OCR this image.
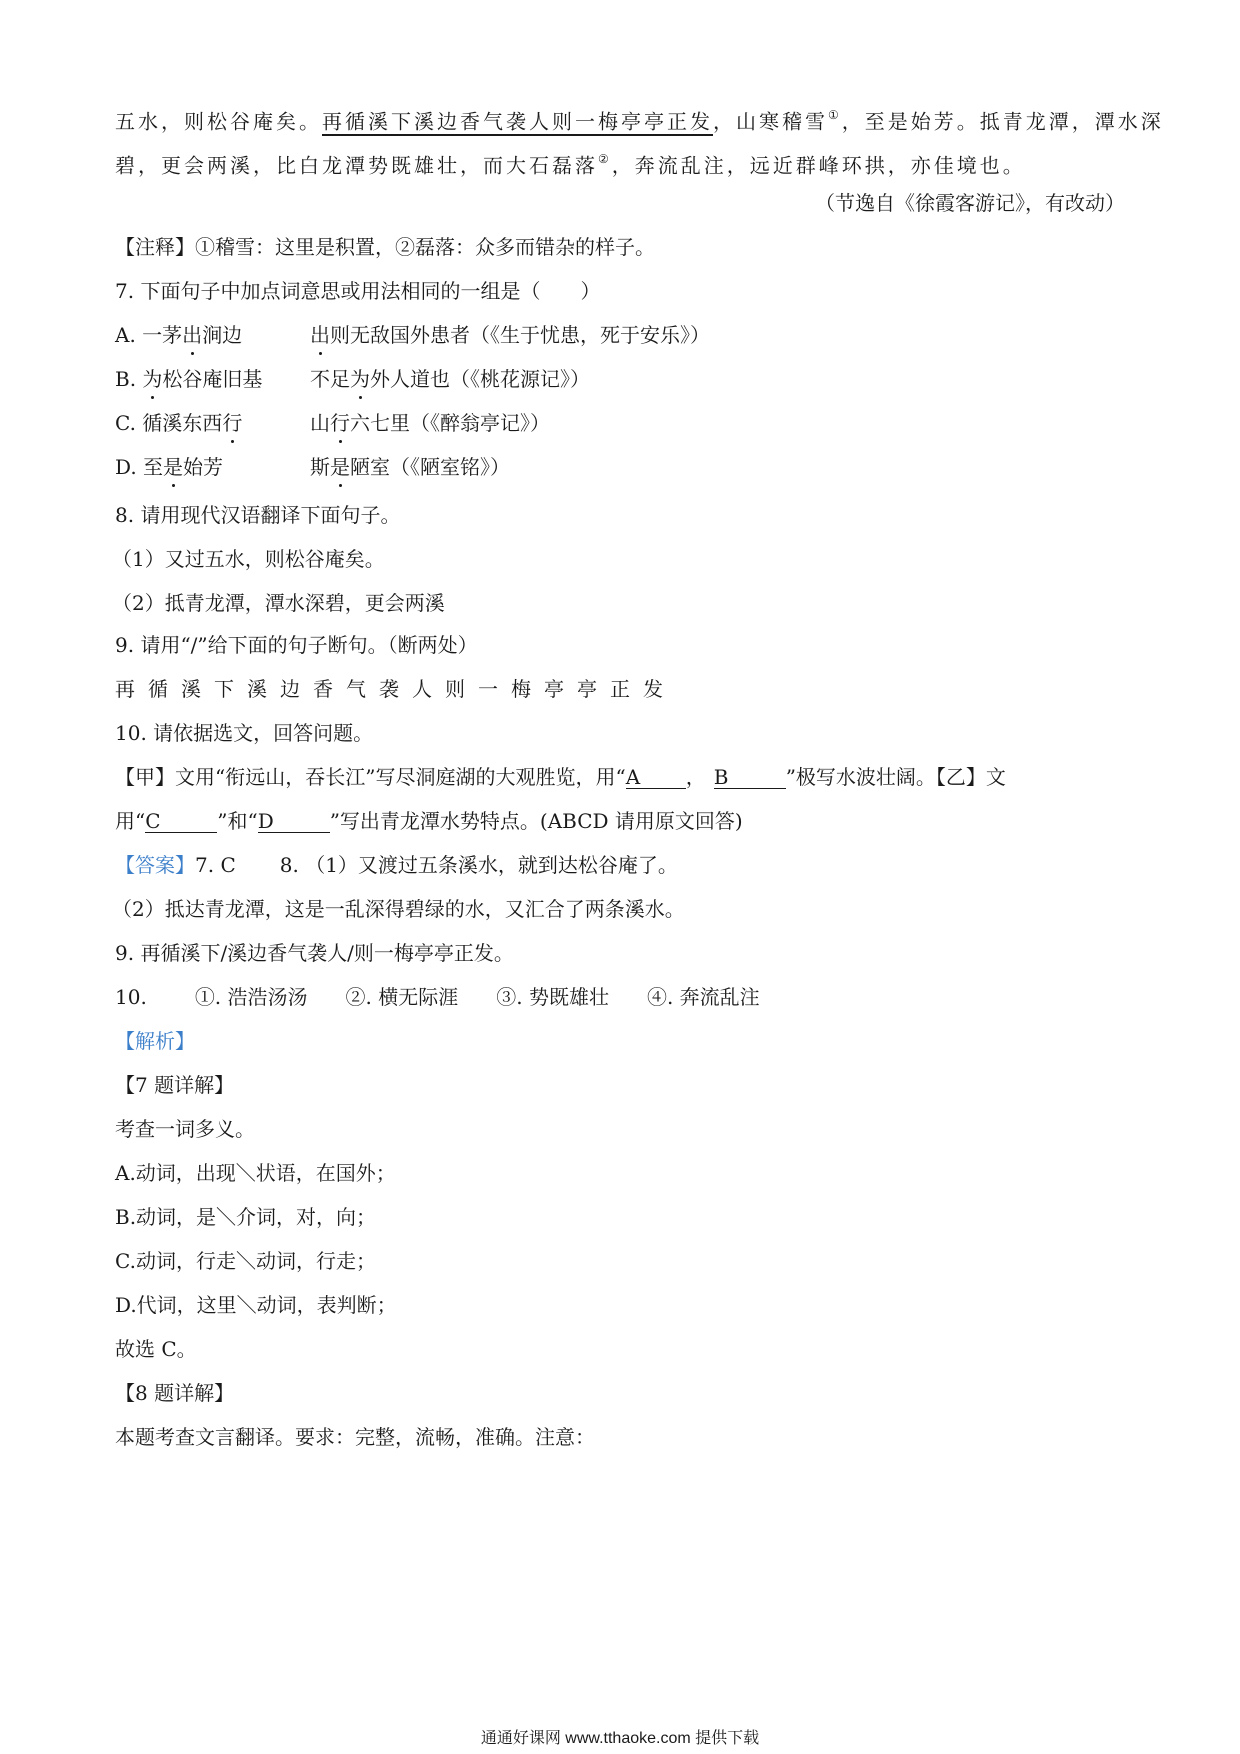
五水，则松谷庵矣。再循溪下溪边香气袭人则一梅亭亭正发，山寒稽雪①，至是始芳。抵青龙潭，潭水深
碧，更会两溪，比白龙潭势既雄壮，而大石磊落②，奔流乱注，远近群峰环拱，亦佳境也。
（节逸自《徐霞客游记》，有改动）
【注释】①稽雪：这里是积置，②磊落：众多而错杂的样子。
7. 下面句子中加点词意思或用法相同的一组是（　　）
A. 一茅出涧边	出则无敌国外患者（《生于忧患，死于安乐》）
B. 为松谷庵旧基 不足为外人道也（《桃花源记》）
C. 循溪东西行	山行六七里（《醉翁亭记》）
D. 至是始芳	斯是陋室（《陋室铭》）
8. 请用现代汉语翻译下面句子。
（1）又过五水，则松谷庵矣。
（2）抵青龙潭，潭水深碧，更会两溪
9. 请用“/”给下面的句子断句。（断两处）
再循溪下溪边香气袭人则一梅亭亭正发
10. 请依据选文，回答问题。
【甲】文用“衔远山，吞长江”写尽洞庭湖的大观胜览，用“A ， B	”极写水波壮阔。【乙】文
用“C	”和“D	”写出青龙潭水势特点。(ABCD 请用原文回答)
【答案】7. C 8. （1）又渡过五条溪水，就到达松谷庵了。
（2）抵达青龙潭，这是一乱深得碧绿的水，又汇合了两条溪水。
9. 再循溪下/溪边香气袭人/则一梅亭亭正发。
10. ①. 浩浩汤汤 ②. 横无际涯 ③. 势既雄壮 ④. 奔流乱注
【解析】
【7 题详解】
考查一词多义。
A.动词，出现＼状语，在国外；
B.动词，是＼介词，对，向；
C.动词，行走＼动词，行走；
D.代词，这里＼动词，表判断；
故选 C。
【8 题详解】
本题考查文言翻译。要求：完整，流畅，准确。注意：
通通好课网 www.tthaoke.com 提供下载
